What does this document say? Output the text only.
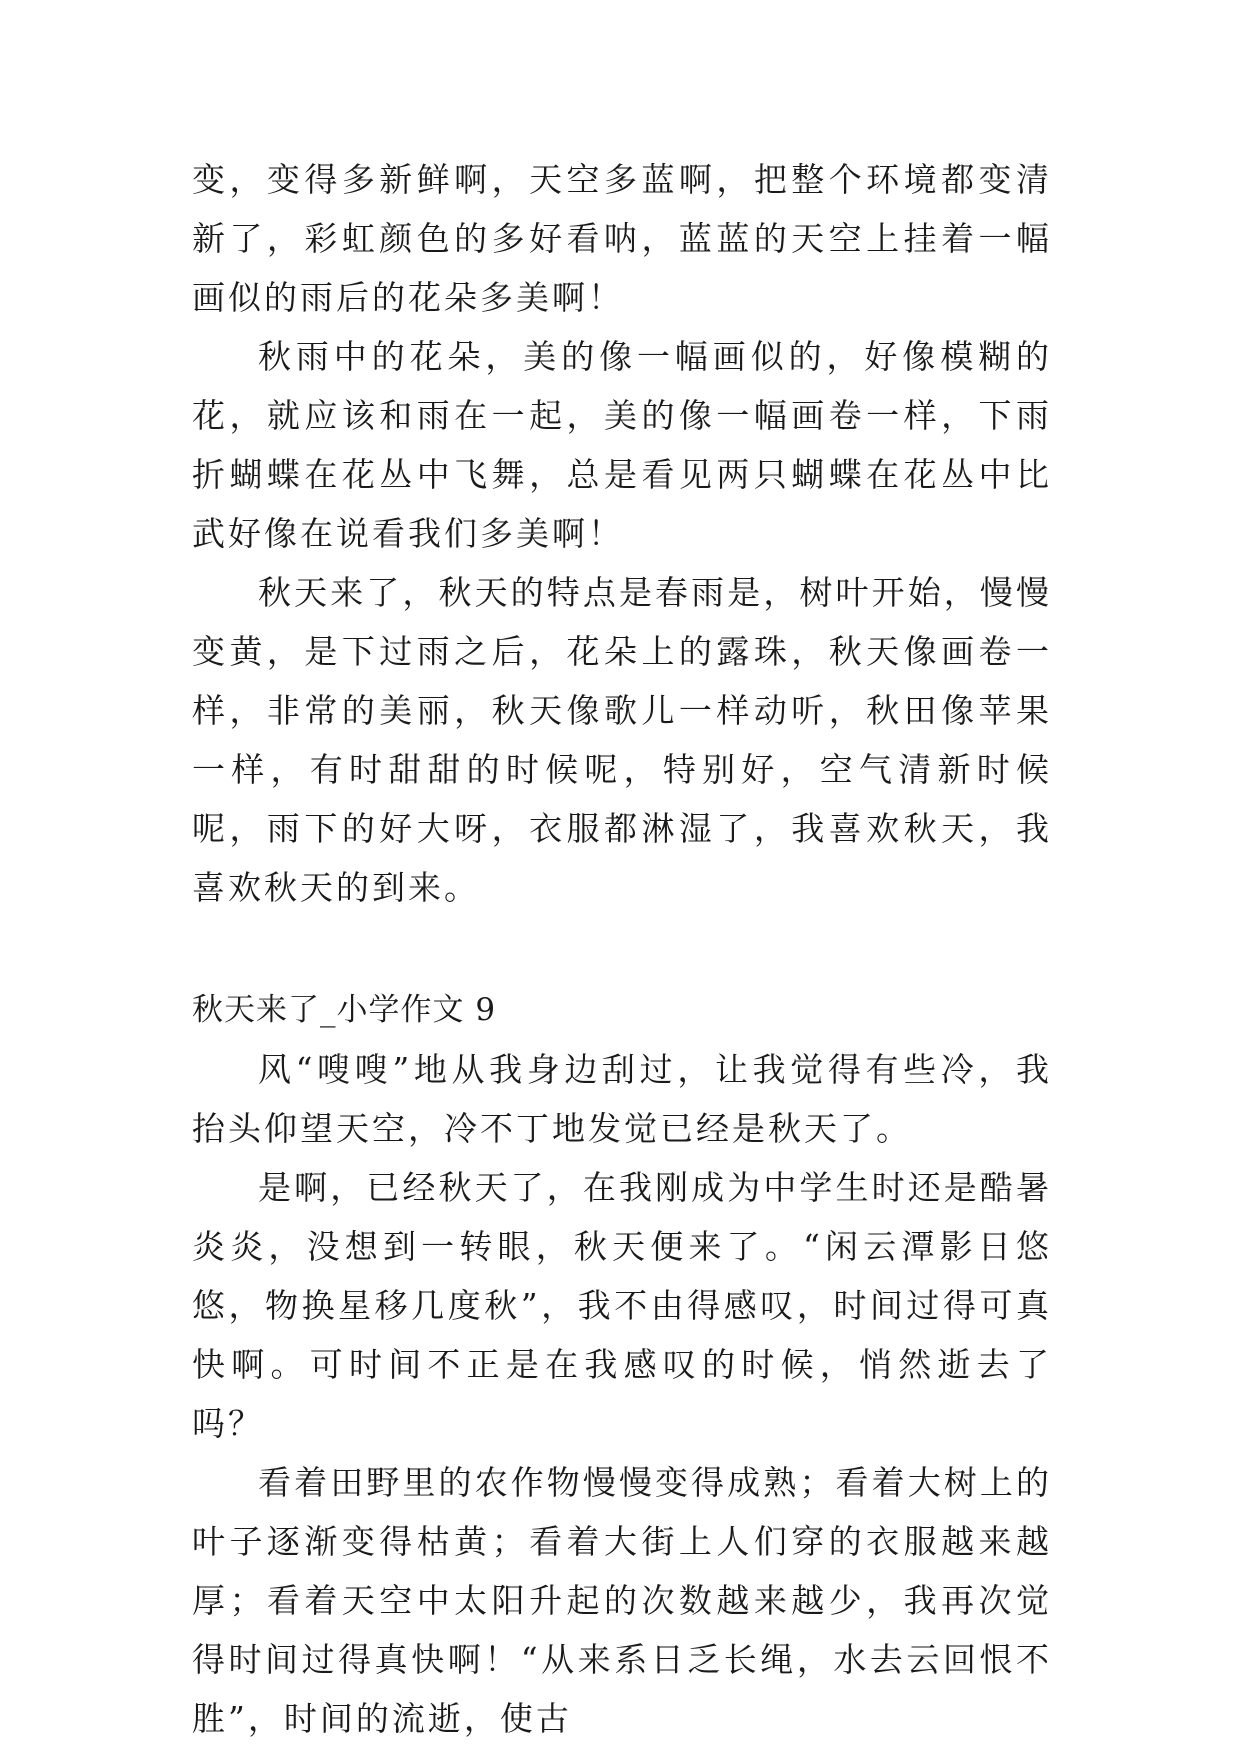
变，变得多新鲜啊，天空多蓝啊，把整个环境都变清新了，彩虹颜色的多好看呐，蓝蓝的天空上挂着一幅画似的雨后的花朵多美啊！

秋雨中的花朵，美的像一幅画似的，好像模糊的花，就应该和雨在一起，美的像一幅画卷一样，下雨折蝴蝶在花丛中飞舞，总是看见两只蝴蝶在花丛中比武好像在说看我们多美啊！

秋天来了，秋天的特点是春雨是，树叶开始，慢慢变黄，是下过雨之后，花朵上的露珠，秋天像画卷一样，非常的美丽，秋天像歌儿一样动听，秋田像苹果一样，有时甜甜的时候呢，特别好，空气清新时候呢，雨下的好大呀，衣服都淋湿了，我喜欢秋天，我喜欢秋天的到来。

秋天来了_小学作文 9

风“嗖嗖”地从我身边刮过，让我觉得有些冷，我抬头仰望天空，冷不丁地发觉已经是秋天了。

是啊，已经秋天了，在我刚成为中学生时还是酷暑炎炎，没想到一转眼，秋天便来了。“闲云潭影日悠悠，物换星移几度秋”，我不由得感叹，时间过得可真快啊。可时间不正是在我感叹的时候，悄然逝去了吗？

看着田野里的农作物慢慢变得成熟；看着大树上的叶子逐渐变得枯黄；看着大街上人们穿的衣服越来越厚；看着天空中太阳升起的次数越来越少，我再次觉得时间过得真快啊！“从来系日乏长绳，水去云回恨不胜”，时间的流逝，使古
